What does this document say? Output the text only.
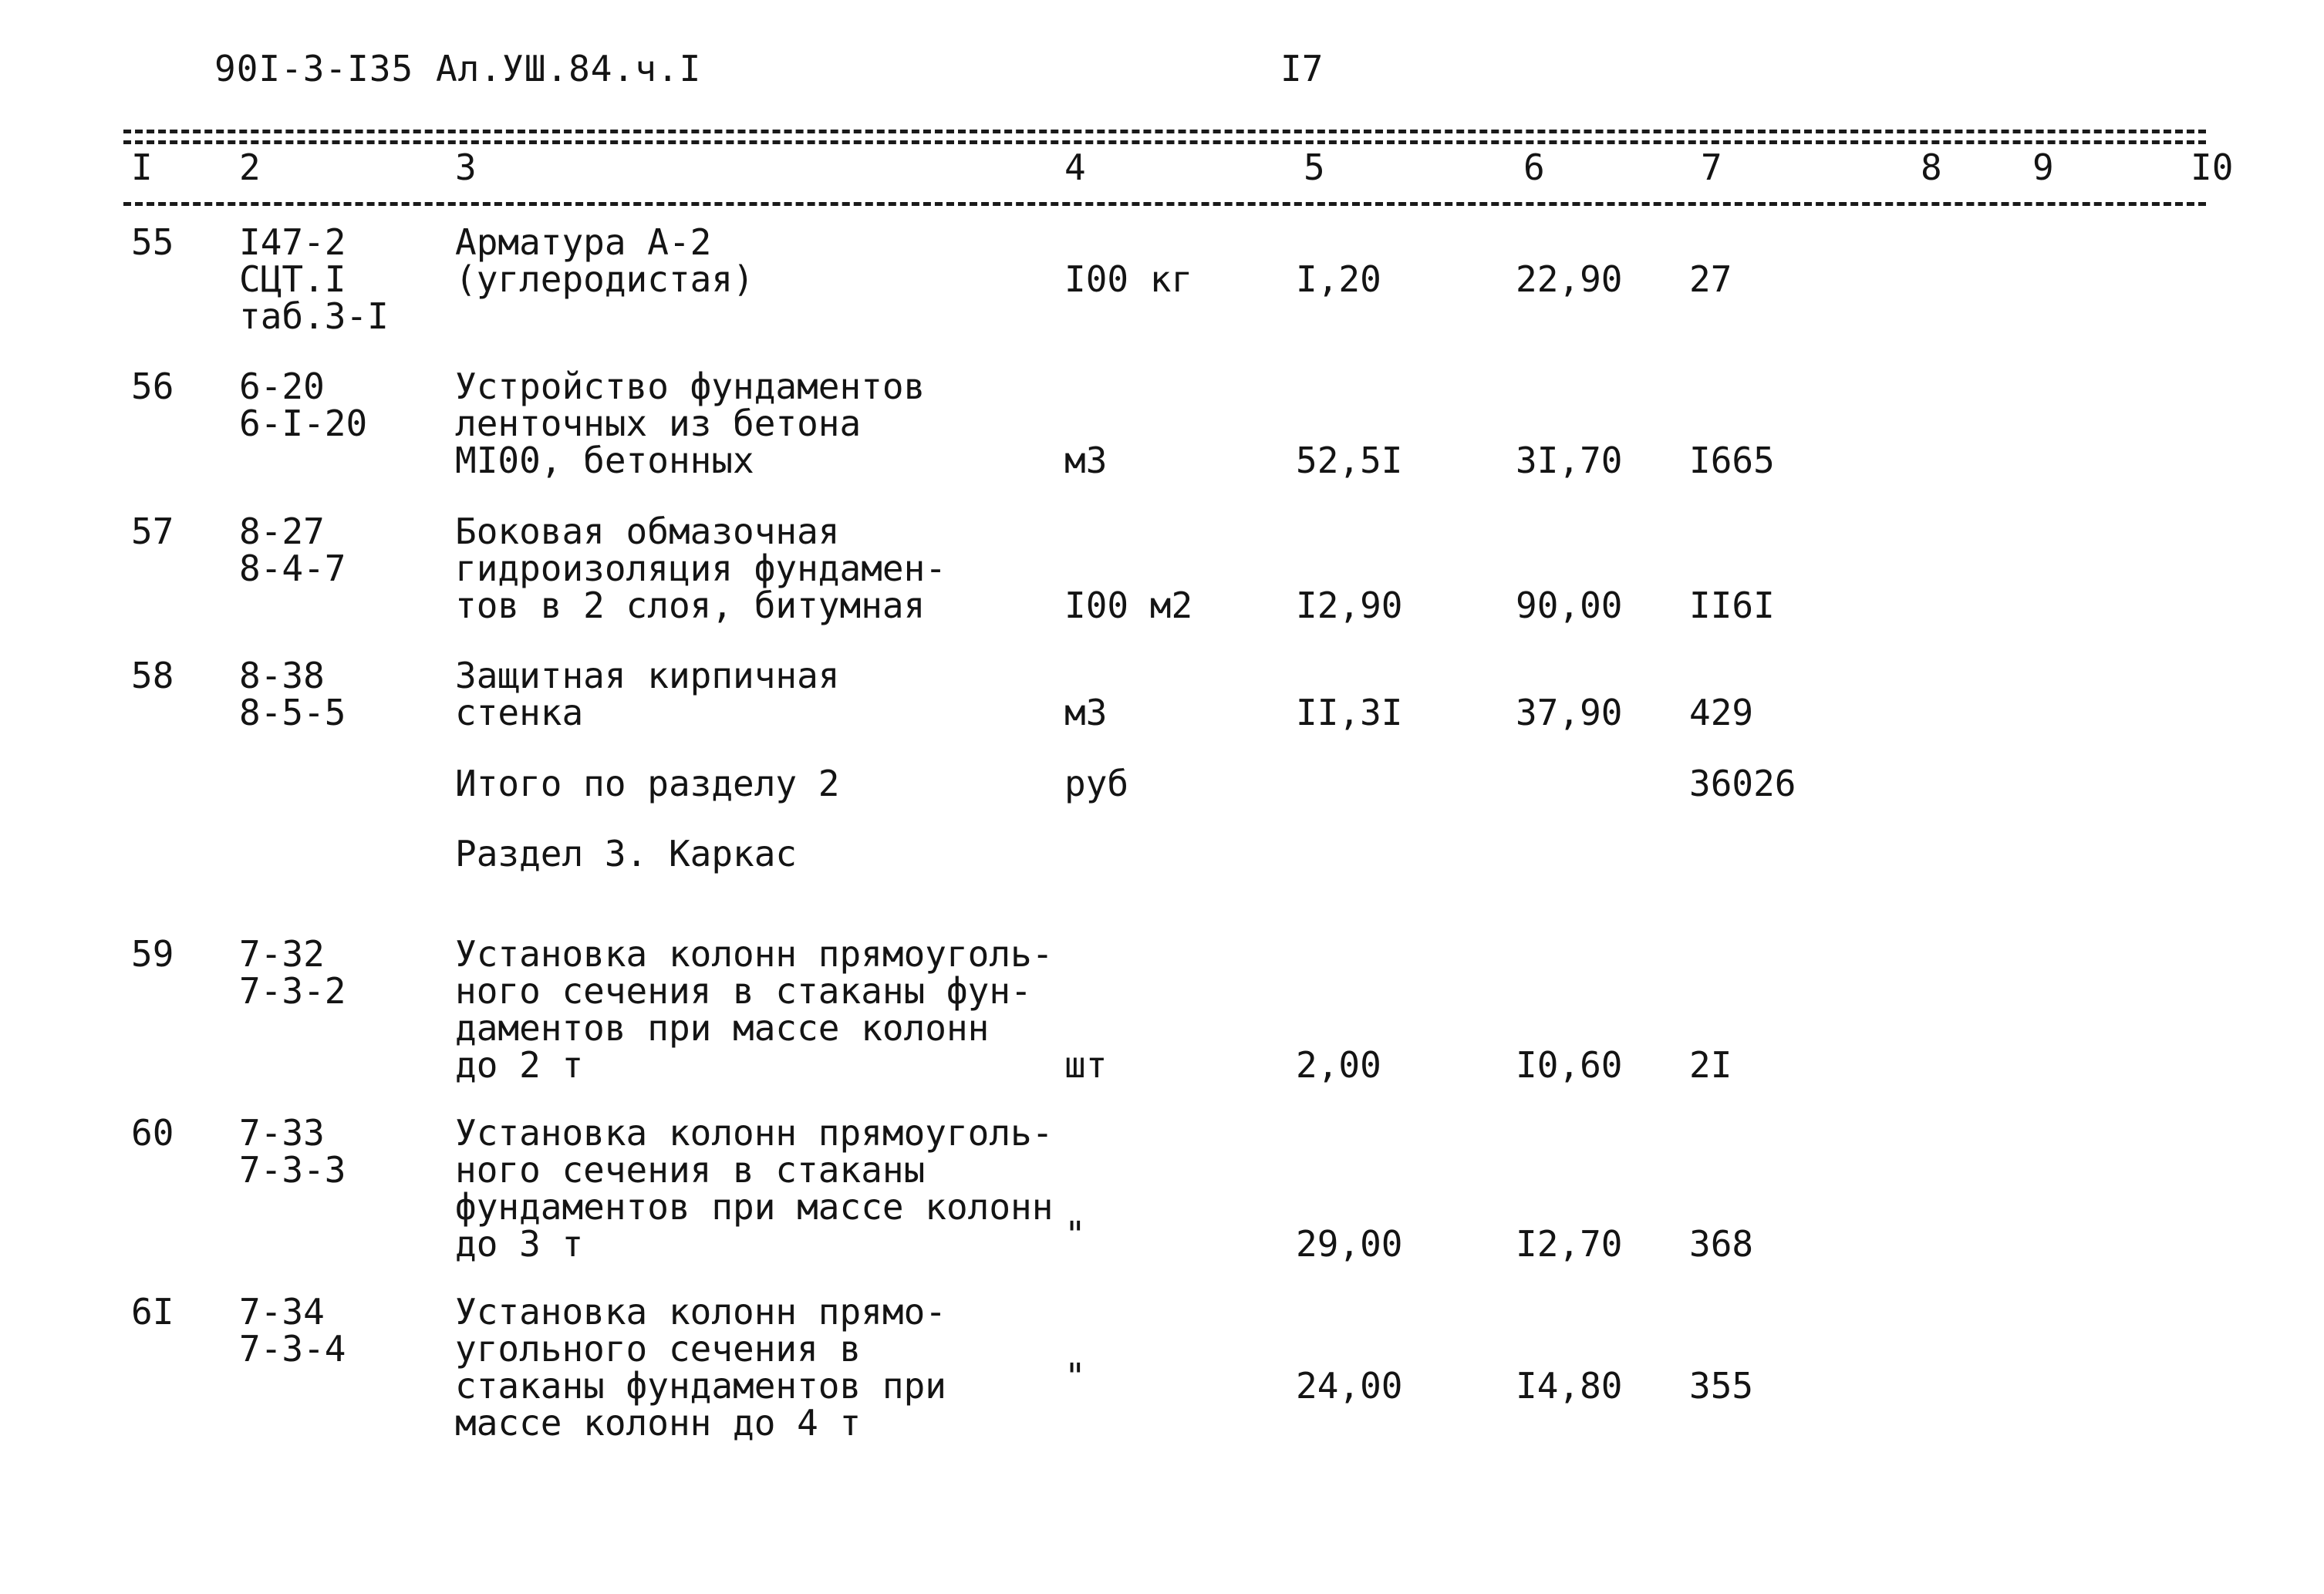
90I-3-I35 Ал.УШ.84.ч.I	I7
I 2	3	4	5	6	7	8	9	I0
55 I47-2
СЦТ.I
таб.3-I
Арматура А-2
(углеродистая)	I00 кг	I,20	22,90 27
56 6-20
6-I-20
Устройство фундаментов
ленточных из бетона
МI00, бетонных	м3	52,5I	3I,70 I665
57 8-27
8-4-7
Боковая обмазочная
гидроизоляция фундамен-
тов в 2 слоя, битумная	I00 м2	I2,90	90,00 II6I
58 8-38
8-5-5
Защитная кирпичная
стенка	м3	II,3I	37,90 429
Итого по разделу 2	руб	36026
Раздел 3. Каркас
59 7-32
7-3-2
Установка колонн прямоуголь-
ного сечения в стаканы фун-
даментов при массе колонн
до 2 т	шт	2,00	I0,60 2I
60 7-33
7-3-3
Установка колонн прямоуголь-
ного сечения в стаканы
фундаментов при массе колонн
до 3 т	"	29,00	I2,70 368
6I 7-34
7-3-4
Установка колонн прямо-
угольного сечения в
стаканы фундаментов при
массе колонн до 4 т
"	24,00	I4,80 355
